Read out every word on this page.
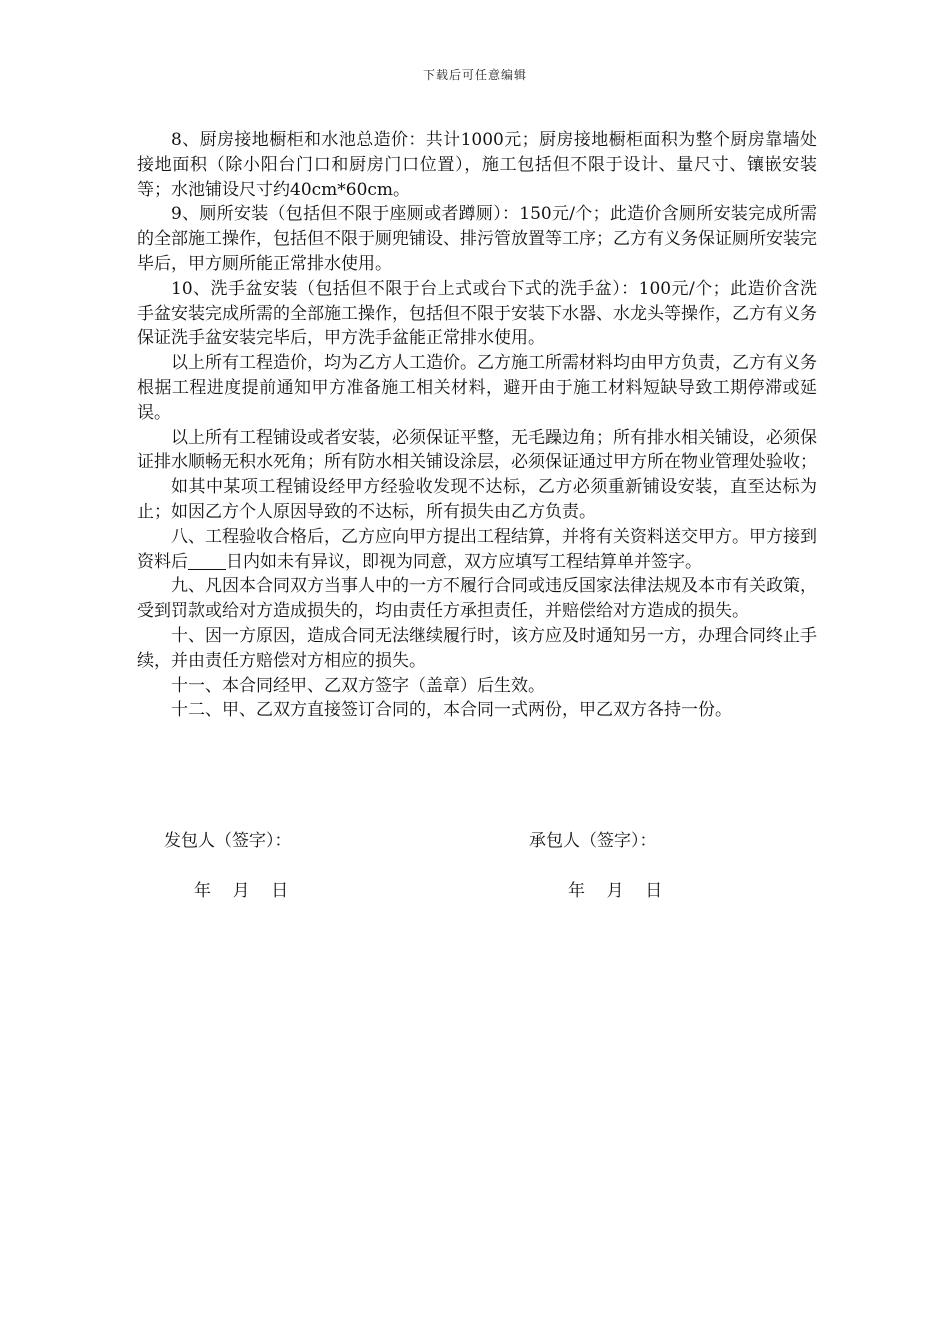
下载后可任意编辑

8、厨房接地橱柜和水池总造价：共计1000元；厨房接地橱柜面积为整个厨房靠墙处接地面积（除小阳台门口和厨房门口位置），施工包括但不限于设计、量尺寸、镶嵌安装等；水池铺设尺寸约40cm*60cm。

9、厕所安装（包括但不限于座厕或者蹲厕）：150元/个；此造价含厕所安装完成所需的全部施工操作，包括但不限于厕兜铺设、排污管放置等工序；乙方有义务保证厕所安装完毕后，甲方厕所能正常排水使用。

10、洗手盆安装（包括但不限于台上式或台下式的洗手盆）：100元/个；此造价含洗手盆安装完成所需的全部施工操作，包括但不限于安装下水器、水龙头等操作，乙方有义务保证洗手盆安装完毕后，甲方洗手盆能正常排水使用。

以上所有工程造价，均为乙方人工造价。乙方施工所需材料均由甲方负责，乙方有义务根据工程进度提前通知甲方准备施工相关材料，避开由于施工材料短缺导致工期停滞或延误。

以上所有工程铺设或者安装，必须保证平整，无毛躁边角；所有排水相关铺设，必须保证排水顺畅无积水死角；所有防水相关铺设涂层，必须保证通过甲方所在物业管理处验收；

如其中某项工程铺设经甲方经验收发现不达标，乙方必须重新铺设安装，直至达标为止；如因乙方个人原因导致的不达标，所有损失由乙方负责。

八、工程验收合格后，乙方应向甲方提出工程结算，并将有关资料送交甲方。甲方接到资料后 日内如未有异议，即视为同意，双方应填写工程结算单并签字。

九、凡因本合同双方当事人中的一方不履行合同或违反国家法律法规及本市有关政策，受到罚款或给对方造成损失的，均由责任方承担责任，并赔偿给对方造成的损失。

十、因一方原因，造成合同无法继续履行时，该方应及时通知另一方，办理合同终止手续，并由责任方赔偿对方相应的损失。

十一、本合同经甲、乙双方签字（盖章）后生效。

十二、甲、乙双方直接签订合同的，本合同一式两份，甲乙双方各持一份。

发包人（签字）：	承包人（签字）：
年    月    日	年    月    日
